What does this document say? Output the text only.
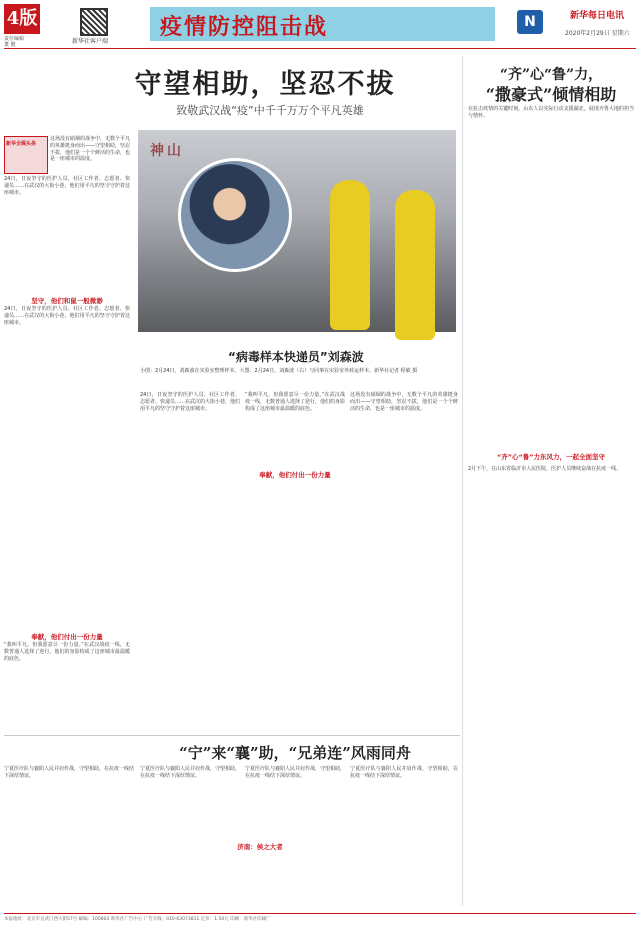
4版
责任编辑
董 健	新华社客户端
疫情防控阻击战	N	新华每日电讯
2020年2月29日 星期六
守望相助，坚忍不拔
致敬武汉战“疫”中千千万万个平凡英雄
神山
“病毒样本快递员”刘森波
小图：2月24日，刘森波在实验室整理样本。大图：2月24日，刘森波（右）与同事在实验室外转运样本。新华社记者 程敏 摄
新华全媒头条
这场没有硝烟的战争中，无数个平凡的英雄挺身而出——守望相助，坚忍不拔，他们是一个个鲜活的生命，也是一座城市的温度。
24日，日夜坚守的医护人员、社区工作者、志愿者、快递员……在武汉的大街小巷，他们用平凡的坚守守护着这座城市。
坚守，他们和鼠一般微渺
24日，日夜坚守的医护人员、社区工作者、志愿者、快递员……在武汉的大街小巷，他们用平凡的坚守守护着这座城市。
奉献，他们付出一份力量
“我叫平凡，但我愿意尽一份力量。”在武汉战疫一线，无数普通人选择了逆行，他们的身影构成了这座城市最温暖的底色。
24日，日夜坚守的医护人员、社区工作者、志愿者、快递员……在武汉的大街小巷，他们用平凡的坚守守护着这座城市。
“我叫平凡，但我愿意尽一份力量。”在武汉战疫一线，无数普通人选择了逆行，他们的身影构成了这座城市最温暖的底色。
奉献，他们付出一份力量
这场没有硝烟的战争中，无数个平凡的英雄挺身而出——守望相助，坚忍不拔，他们是一个个鲜活的生命，也是一座城市的温度。
“宁”来“襄”助，“兄弟连”风雨同舟
济南：侯之大者
宁夏医疗队与襄阳人民并肩作战，守望相助，在抗疫一线结下深厚情谊。
宁夏医疗队与襄阳人民并肩作战，守望相助，在抗疫一线结下深厚情谊。
宁夏医疗队与襄阳人民并肩作战，守望相助，在抗疫一线结下深厚情谊。
宁夏医疗队与襄阳人民并肩作战，守望相助，在抗疫一线结下深厚情谊。
“齐”心“鲁”力，
“撒豪式”倾情相助
在抗击疫情的关键时刻，山东人以实际行动支援湖北，展现齐鲁大地的担当与情怀。
“齐”心“鲁”力东风力，一起全面坚守
2月下午，在山东省临沂市人民医院，医护人员继续奋战在抗疫一线。
本报地址：北京市宣武门西大街57号 邮编：100803 新华社广告中心 广告专线：010-63073811 定价：1.50元 印刷：新华社印刷厂
